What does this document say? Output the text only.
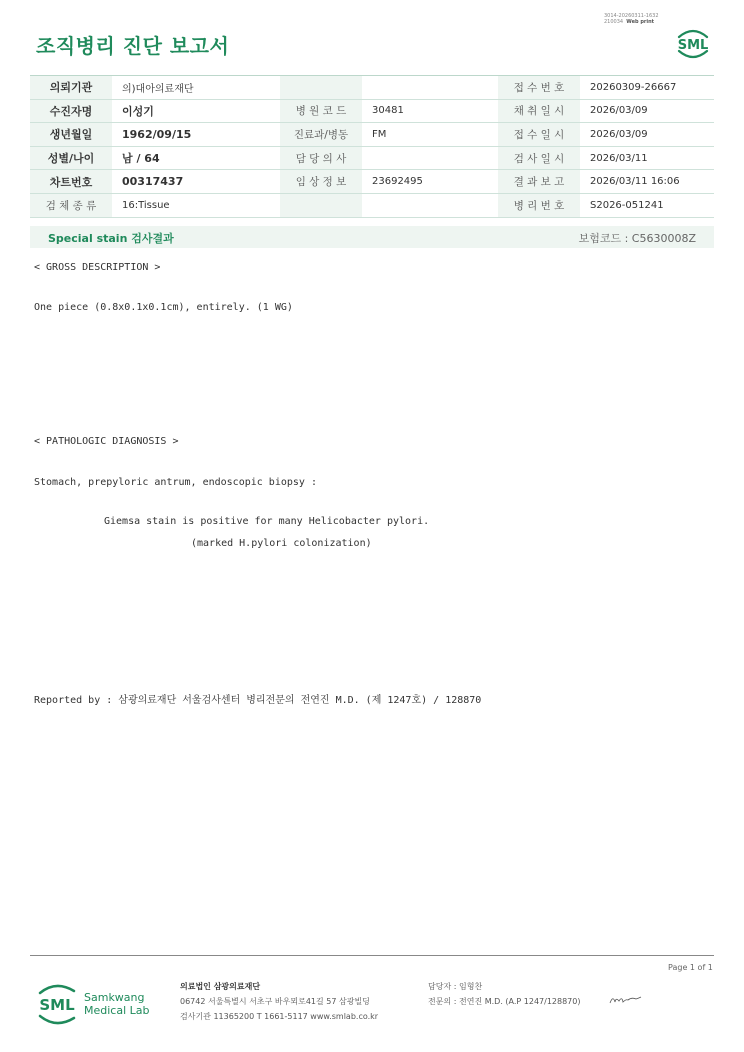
조직병리 진단 보고서
3014-20260311-1632
210034 Web print
SML
의뢰기관	의)대아의료재단			접 수 번 호	20260309-26667
수진자명	이성기	병 원 코 드	30481	채 취 일 시	2026/03/09
생년월일	1962/09/15	진료과/병동	FM	접 수 일 시	2026/03/09
성별/나이	남 / 64	담 당 의 사		검 사 일 시	2026/03/11
차트번호	00317437	임 상 정 보	23692495	결 과 보 고	2026/03/11 16:06
검 체 종 류	16:Tissue			병 리 번 호	S2026-051241
Special stain 검사결과	보험코드 : C5630008Z
< GROSS DESCRIPTION >
One piece (0.8x0.1x0.1cm), entirely. (1 WG)
< PATHOLOGIC DIAGNOSIS >
Stomach, prepyloric antrum, endoscopic biopsy :
Giemsa stain is positive for many Helicobacter pylori.
(marked H.pylori colonization)
Reported by : 삼광의료재단 서울검사센터 병리전문의 전연진 M.D. (제 1247호) / 128870
Page 1 of 1
SML Samkwang
Medical Lab
의료법인 삼광의료재단
06742 서울특별시 서초구 바우뫼로41길 57 삼광빌딩
검사기관 11365200 T 1661-5117 www.smlab.co.kr
담당자 : 임형찬
전문의 : 전연진 M.D. (A.P 1247/128870)
